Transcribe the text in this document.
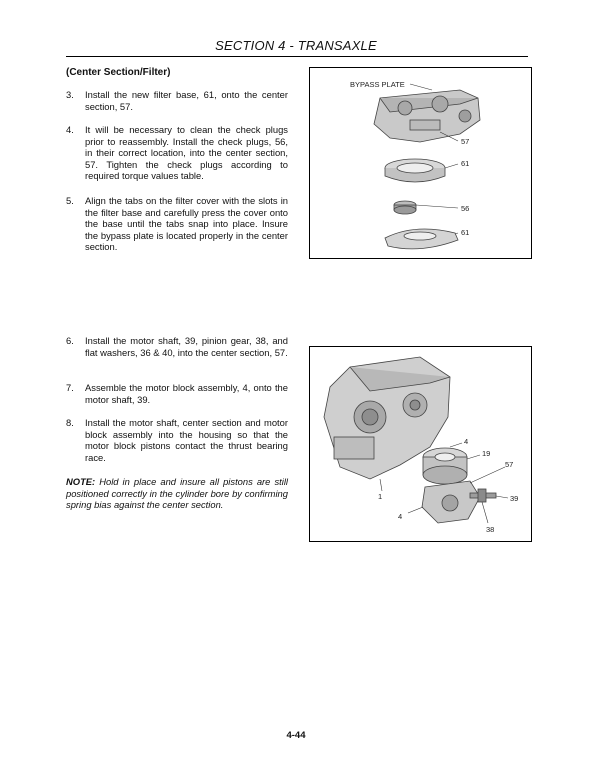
SECTION 4 - TRANSAXLE
(Center Section/Filter)
3. Install the new filter base, 61, onto the center section, 57.
4. It will be necessary to clean the check plugs prior to reassembly. Install the check plugs, 56, in their correct location, into the center section, 57. Tighten the check plugs according to required torque values table.
5. Align the tabs on the filter cover with the slots in the filter base and carefully press the cover onto the base until the tabs snap into place. Insure the bypass plate is located properly in the center section.
6. Install the motor shaft, 39, pinion gear, 38, and flat washers, 36 & 40, into the center section, 57.
7. Assemble the motor block assembly, 4, onto the motor shaft, 39.
8. Install the motor shaft, center section and motor block assembly into the housing so that the motor block pistons contact the thrust bearing race.
NOTE: Hold in place and insure all pistons are still positioned correctly in the cylinder bore by confirming spring bias against the center section.
BYPASS PLATE
57
61
56
61
4
19
57
1	39
4
38
4-44
